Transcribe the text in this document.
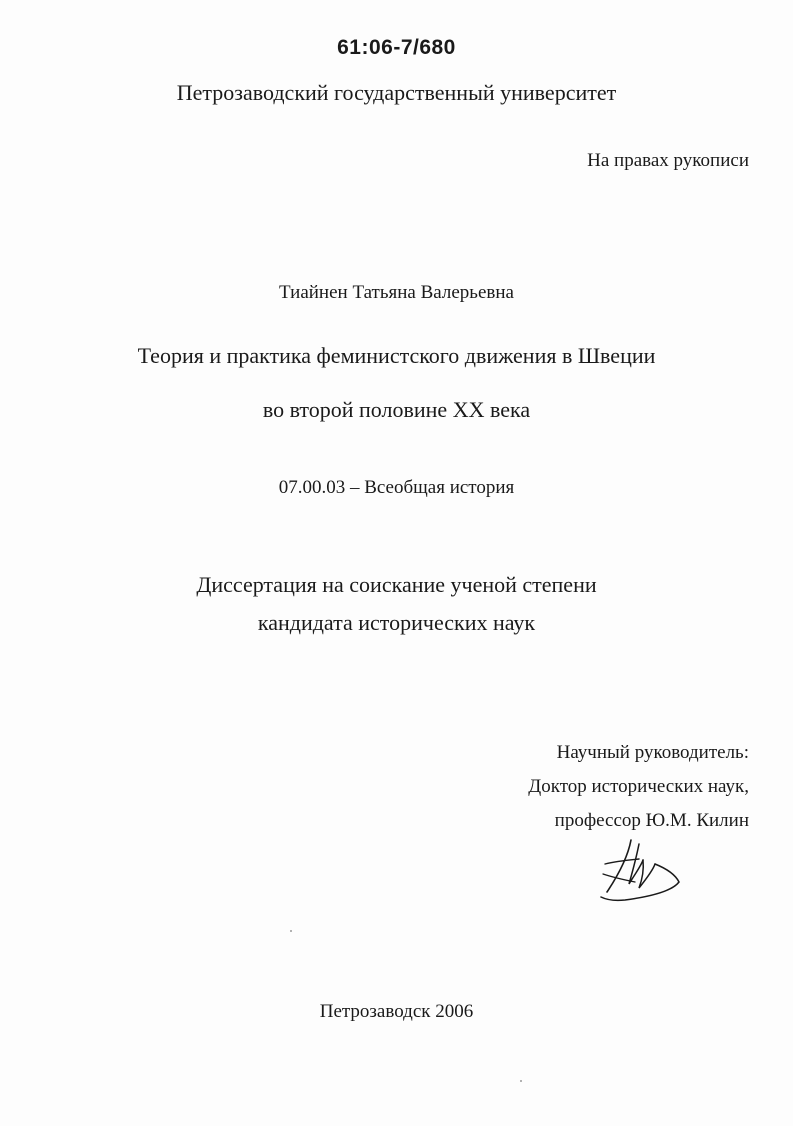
61:06-7/680
Петрозаводский государственный университет
На правах рукописи
Тиайнен Татьяна Валерьевна
Теория и практика феминистского движения в Швеции
во второй половине XX века
07.00.03 – Всеобщая история
Диссертация на соискание ученой степени
кандидата исторических наук
Научный руководитель:
Доктор исторических наук,
профессор Ю.М. Килин
Петрозаводск 2006
